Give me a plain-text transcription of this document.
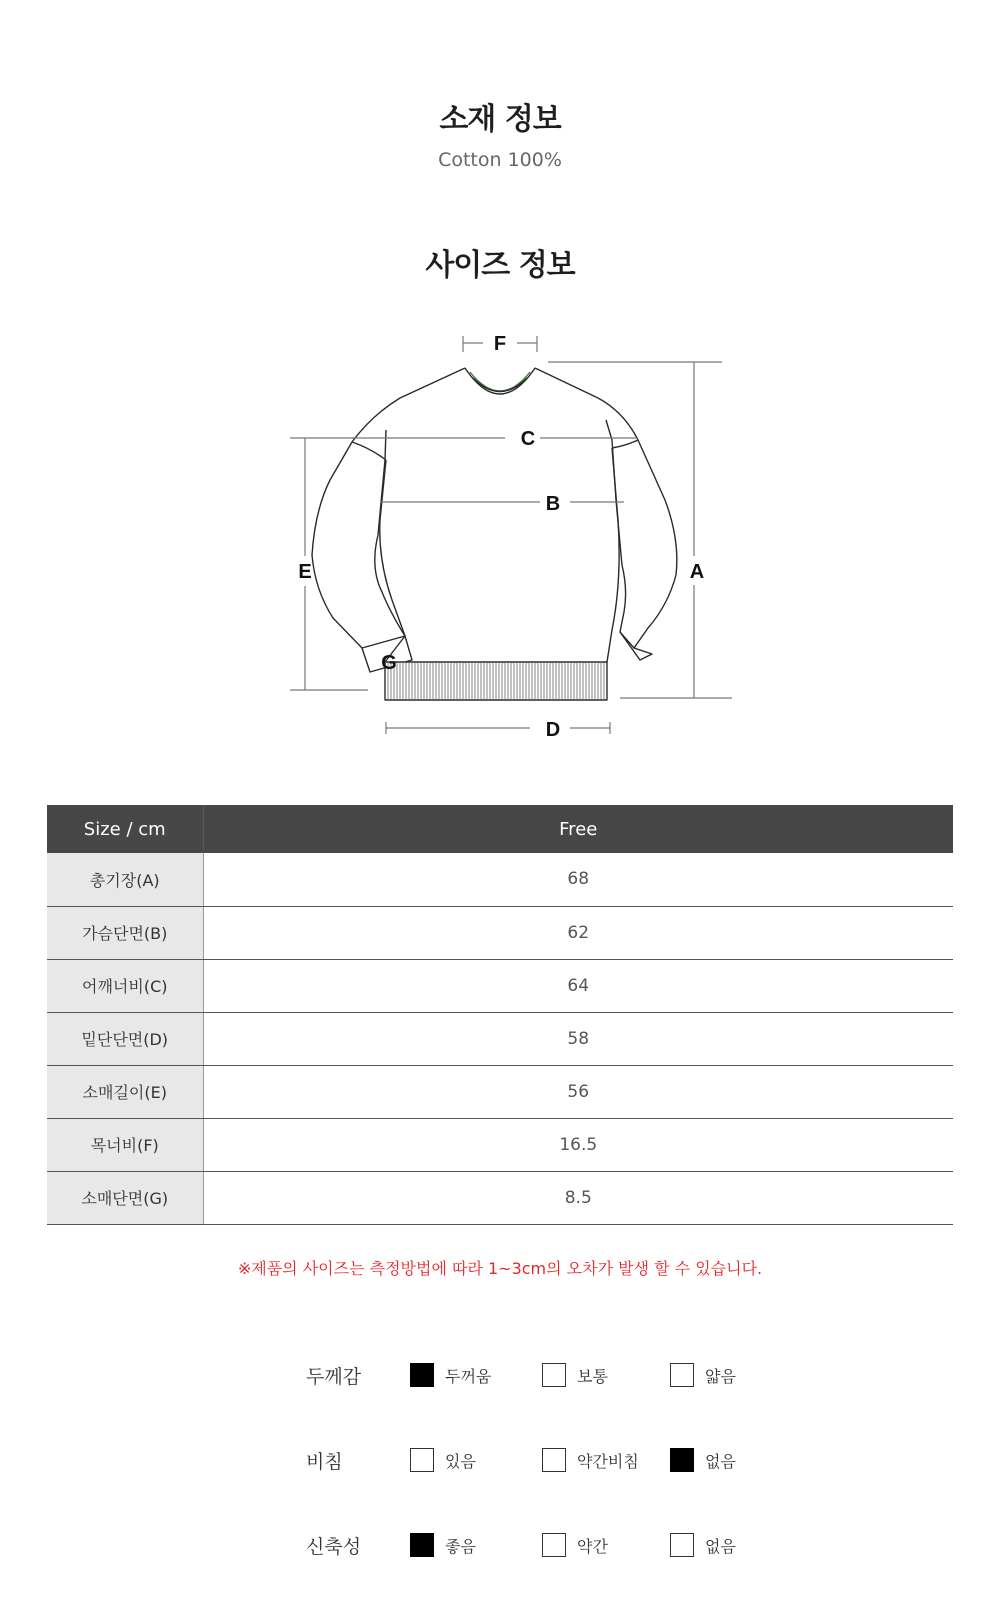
소재 정보
Cotton 100%
사이즈 정보
F
C
B
A
E
G
D
Size / cm	Free
총기장(A)	68
가슴단면(B)	62
어깨너비(C)	64
밑단단면(D)	58
소매길이(E)	56
목너비(F)	16.5
소매단면(G)	8.5
※제품의 사이즈는 측정방법에 따라 1~3cm의 오차가 발생 할 수 있습니다.
두께감	두꺼움	보통	얇음
비침	있음	약간비침	없음
신축성	좋음	약간	없음
